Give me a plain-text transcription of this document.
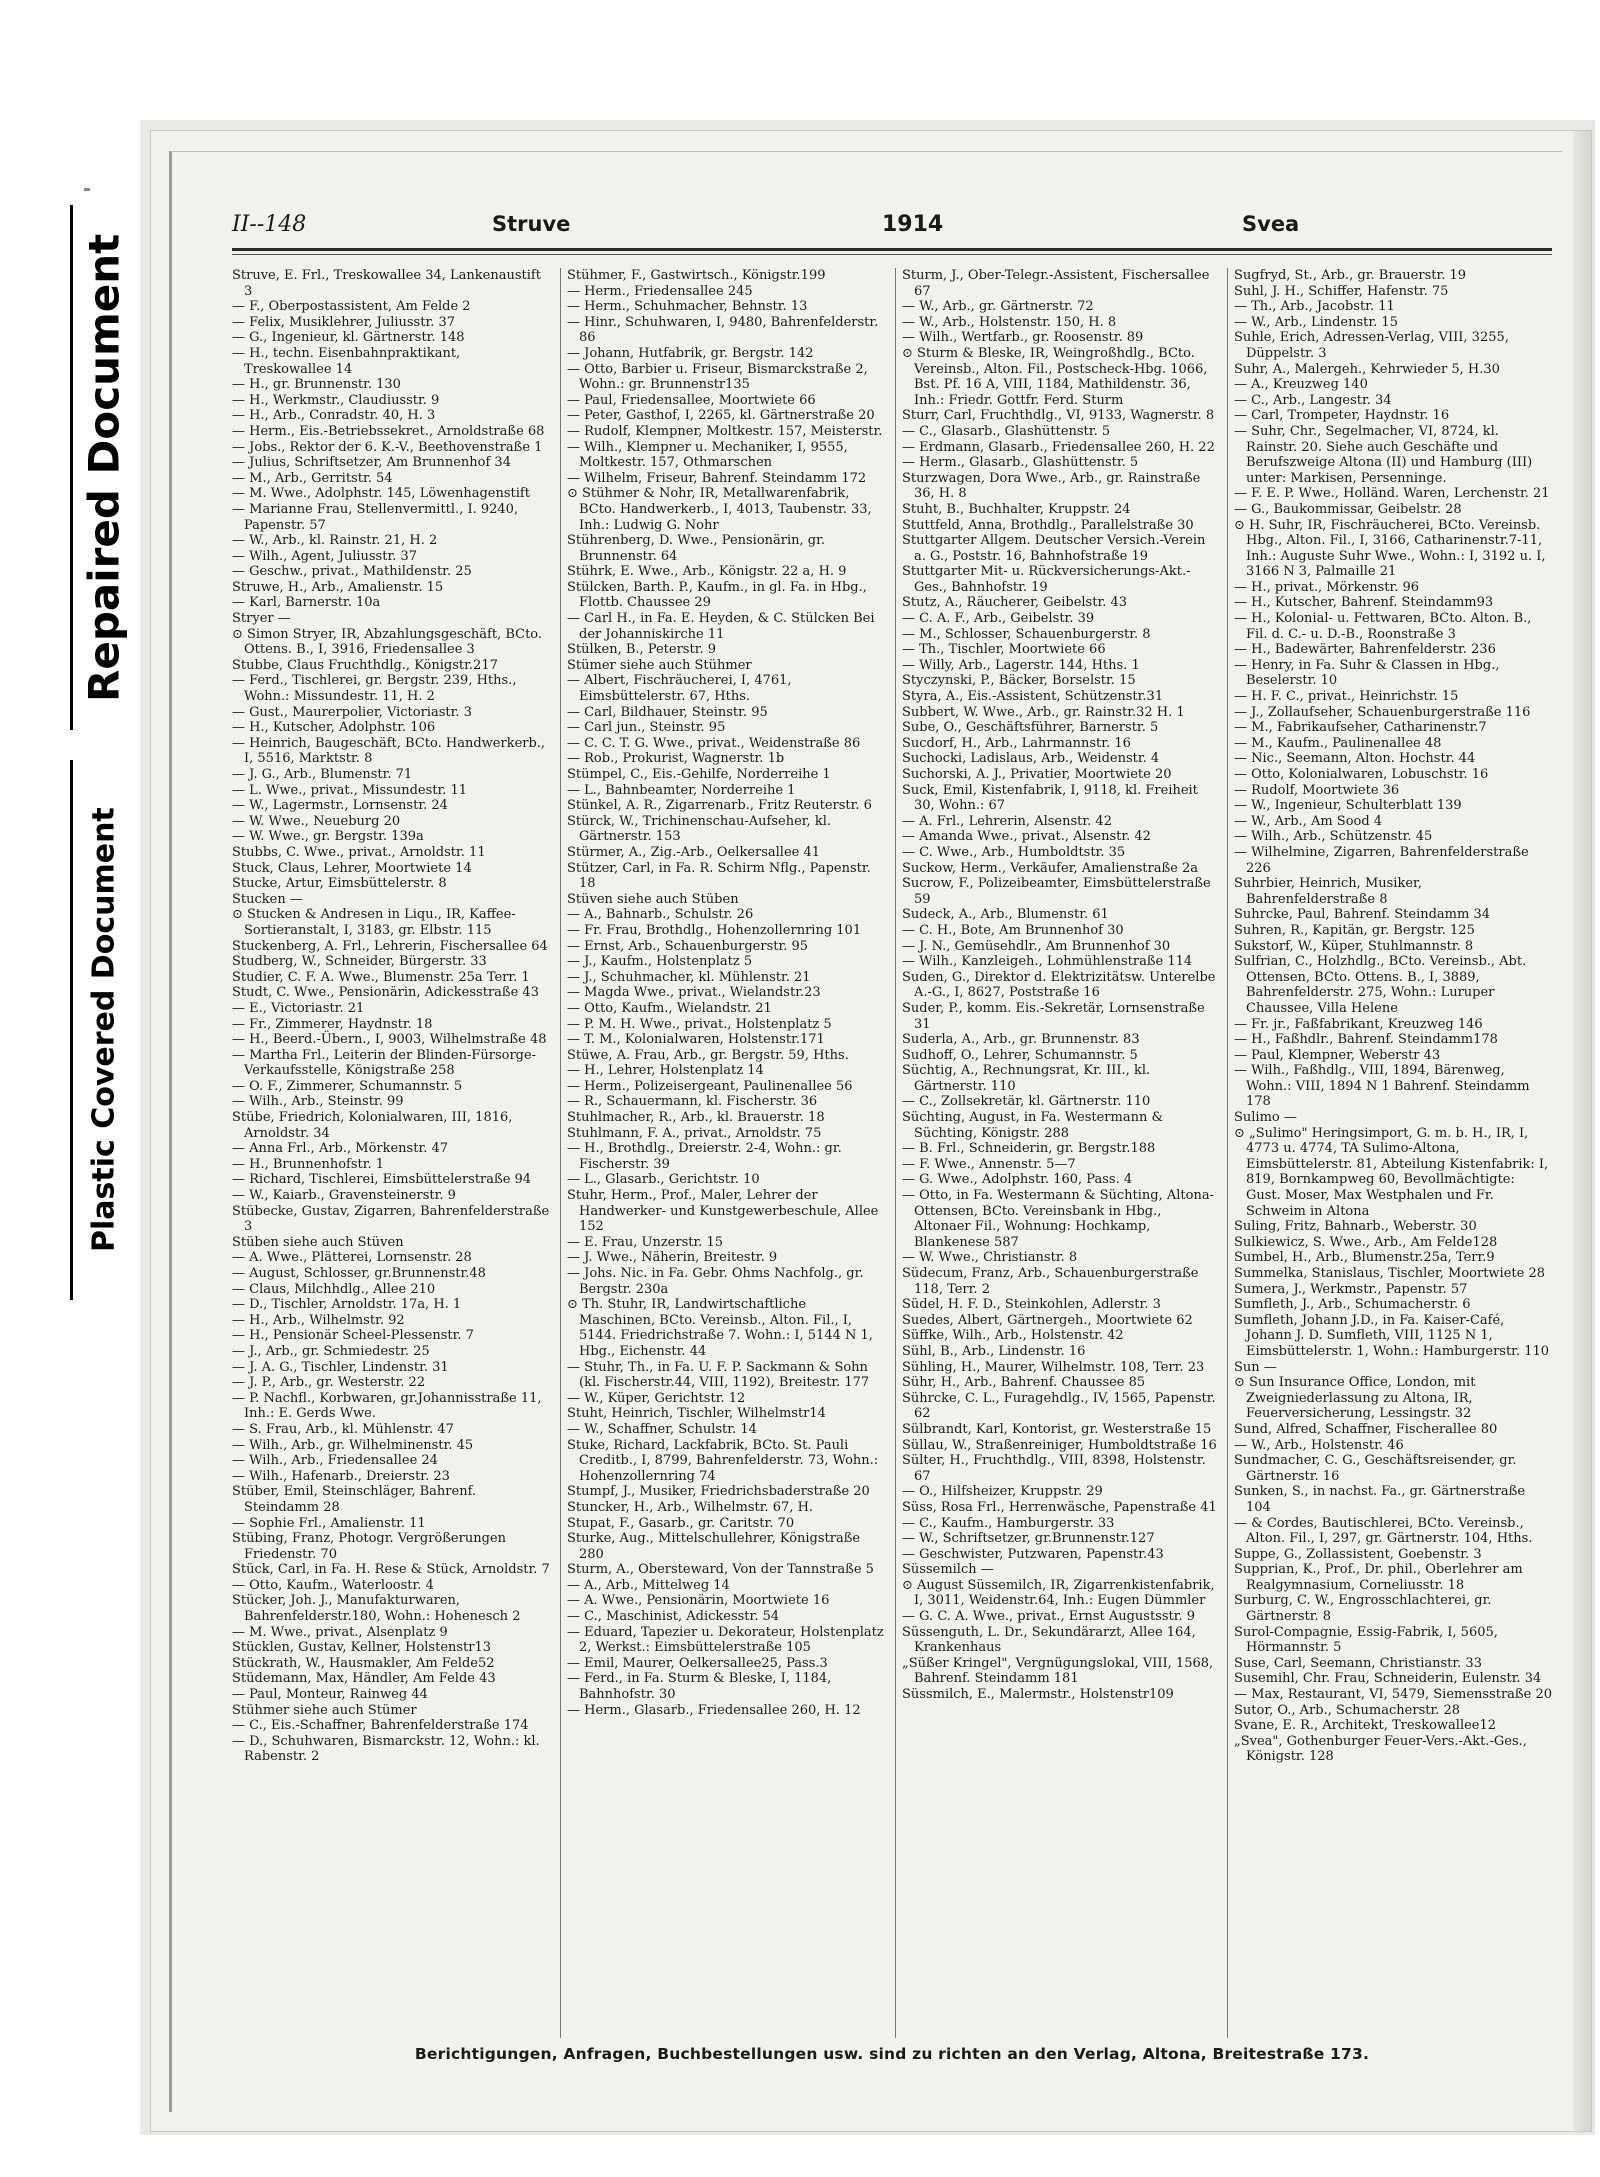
Repaired Document
Plastic Covered Document
II--148	Struve	1914	Svea
Struve, E. Frl., Treskowallee 34, Lankenaustift 3
— F., Oberpostassistent, Am Felde 2
— Felix, Musiklehrer, Juliusstr. 37
— G., Ingenieur, kl. Gärtnerstr. 148
— H., techn. Eisenbahnpraktikant, Treskowallee 14
— H., gr. Brunnenstr. 130
— H., Werkmstr., Claudiusstr. 9
— H., Arb., Conradstr. 40, H. 3
— Herm., Eis.-Betriebssekret., Arnoldstraße 68
— Jobs., Rektor der 6. K.-V., Beethovenstraße 1
— Julius, Schriftsetzer, Am Brunnenhof 34
— M., Arb., Gerritstr. 54
— M. Wwe., Adolphstr. 145, Löwenhagenstift
— Marianne Frau, Stellenvermittl., I. 9240, Papenstr. 57
— W., Arb., kl. Rainstr. 21, H. 2
— Wilh., Agent, Juliusstr. 37
— Geschw., privat., Mathildenstr. 25
Struwe, H., Arb., Amalienstr. 15
— Karl, Barnerstr. 10a
Stryer —
⊙ Simon Stryer, IR, Abzahlungsgeschäft, BCto. Ottens. B., I, 3916, Friedensallee 3
Stubbe, Claus Fruchthdlg., Königstr.217
— Ferd., Tischlerei, gr. Bergstr. 239, Hths., Wohn.: Missundestr. 11, H. 2
— Gust., Maurerpolier, Victoriastr. 3
— H., Kutscher, Adolphstr. 106
— Heinrich, Baugeschäft, BCto. Handwerkerb., I, 5516, Marktstr. 8
— J. G., Arb., Blumenstr. 71
— L. Wwe., privat., Missundestr. 11
— W., Lagermstr., Lornsenstr. 24
— W. Wwe., Neueburg 20
— W. Wwe., gr. Bergstr. 139a
Stubbs, C. Wwe., privat., Arnoldstr. 11
Stuck, Claus, Lehrer, Moortwiete 14
Stucke, Artur, Eimsbüttelerstr. 8
Stucken —
⊙ Stucken & Andresen in Liqu., IR, Kaffee-Sortieranstalt, I, 3183, gr. Elbstr. 115
Stuckenberg, A. Frl., Lehrerin, Fischersallee 64
Studberg, W., Schneider, Bürgerstr. 33
Studier, C. F. A. Wwe., Blumenstr. 25a Terr. 1
Studt, C. Wwe., Pensionärin, Adickesstraße 43
— E., Victoriastr. 21
— Fr., Zimmerer, Haydnstr. 18
— H., Beerd.-Übern., I, 9003, Wilhelmstraße 48
— Martha Frl., Leiterin der Blinden-Fürsorge-Verkaufsstelle, Königstraße 258
— O. F., Zimmerer, Schumannstr. 5
— Wilh., Arb., Steinstr. 99
Stübe, Friedrich, Kolonialwaren, III, 1816, Arnoldstr. 34
— Anna Frl., Arb., Mörkenstr. 47
— H., Brunnenhofstr. 1
— Richard, Tischlerei, Eimsbüttelerstraße 94
— W., Kaiarb., Gravensteinerstr. 9
Stübecke, Gustav, Zigarren, Bahrenfelderstraße 3
Stüben siehe auch Stüven
— A. Wwe., Plätterei, Lornsenstr. 28
— August, Schlosser, gr.Brunnenstr.48
— Claus, Milchhdlg., Allee 210
— D., Tischler, Arnoldstr. 17a, H. 1
— H., Arb., Wilhelmstr. 92
— H., Pensionär Scheel-Plessenstr. 7
— J., Arb., gr. Schmiedestr. 25
— J. A. G., Tischler, Lindenstr. 31
— J. P., Arb., gr. Westerstr. 22
— P. Nachfl., Korbwaren, gr.Johannisstraße 11, Inh.: E. Gerds Wwe.
— S. Frau, Arb., kl. Mühlenstr. 47
— Wilh., Arb., gr. Wilhelminenstr. 45
— Wilh., Arb., Friedensallee 24
— Wilh., Hafenarb., Dreierstr. 23
Stüber, Emil, Steinschläger, Bahrenf. Steindamm 28
— Sophie Frl., Amalienstr. 11
Stübing, Franz, Photogr. Vergrößerungen Friedenstr. 70
Stück, Carl, in Fa. H. Rese & Stück, Arnoldstr. 7
— Otto, Kaufm., Waterloostr. 4
Stücker, Joh. J., Manufakturwaren, Bahrenfelderstr.180, Wohn.: Hohenesch 2
— M. Wwe., privat., Alsenplatz 9
Stücklen, Gustav, Kellner, Holstenstr13
Stückrath, W., Hausmakler, Am Felde52
Stüdemann, Max, Händler, Am Felde 43
— Paul, Monteur, Rainweg 44
Stühmer siehe auch Stümer
— C., Eis.-Schaffner, Bahrenfelderstraße 174
— D., Schuhwaren, Bismarckstr. 12, Wohn.: kl. Rabenstr. 2
Stühmer, F., Gastwirtsch., Königstr.199
— Herm., Friedensallee 245
— Herm., Schuhmacher, Behnstr. 13
— Hinr., Schuhwaren, I, 9480, Bahrenfelderstr. 86
— Johann, Hutfabrik, gr. Bergstr. 142
— Otto, Barbier u. Friseur, Bismarckstraße 2, Wohn.: gr. Brunnenstr135
— Paul, Friedensallee, Moortwiete 66
— Peter, Gasthof, I, 2265, kl. Gärtnerstraße 20
— Rudolf, Klempner, Moltkestr. 157, Meisterstr.
— Wilh., Klempner u. Mechaniker, I, 9555, Moltkestr. 157, Othmarschen
— Wilhelm, Friseur, Bahrenf. Steindamm 172
⊙ Stühmer & Nohr, IR, Metallwarenfabrik, BCto. Handwerkerb., I, 4013, Taubenstr. 33, Inh.: Ludwig G. Nohr
Stührenberg, D. Wwe., Pensionärin, gr. Brunnenstr. 64
Stührk, E. Wwe., Arb., Königstr. 22 a, H. 9
Stülcken, Barth. P., Kaufm., in gl. Fa. in Hbg., Flottb. Chaussee 29
— Carl H., in Fa. E. Heyden, & C. Stülcken Bei der Johanniskirche 11
Stülken, B., Peterstr. 9
Stümer siehe auch Stühmer
— Albert, Fischräucherei, I, 4761, Eimsbüttelerstr. 67, Hths.
— Carl, Bildhauer, Steinstr. 95
— Carl jun., Steinstr. 95
— C. C. T. G. Wwe., privat., Weidenstraße 86
— Rob., Prokurist, Wagnerstr. 1b
Stümpel, C., Eis.-Gehilfe, Norderreihe 1
— L., Bahnbeamter, Norderreihe 1
Stünkel, A. R., Zigarrenarb., Fritz Reuterstr. 6
Stürck, W., Trichinenschau-Aufseher, kl. Gärtnerstr. 153
Stürmer, A., Zig.-Arb., Oelkersallee 41
Stützer, Carl, in Fa. R. Schirm Nflg., Papenstr. 18
Stüven siehe auch Stüben
— A., Bahnarb., Schulstr. 26
— Fr. Frau, Brothdlg., Hohenzollernring 101
— Ernst, Arb., Schauenburgerstr. 95
— J., Kaufm., Holstenplatz 5
— J., Schuhmacher, kl. Mühlenstr. 21
— Magda Wwe., privat., Wielandstr.23
— Otto, Kaufm., Wielandstr. 21
— P. M. H. Wwe., privat., Holstenplatz 5
— T. M., Kolonialwaren, Holstenstr.171
Stüwe, A. Frau, Arb., gr. Bergstr. 59, Hths.
— H., Lehrer, Holstenplatz 14
— Herm., Polizeisergeant, Paulinenallee 56
— R., Schauermann, kl. Fischerstr. 36
Stuhlmacher, R., Arb., kl. Brauerstr. 18
Stuhlmann, F. A., privat., Arnoldstr. 75
— H., Brothdlg., Dreierstr. 2-4, Wohn.: gr. Fischerstr. 39
— L., Glasarb., Gerichtstr. 10
Stuhr, Herm., Prof., Maler, Lehrer der Handwerker- und Kunstgewerbeschule, Allee 152
— E. Frau, Unzerstr. 15
— J. Wwe., Näherin, Breitestr. 9
— Johs. Nic. in Fa. Gebr. Ohms Nachfolg., gr. Bergstr. 230a
⊙ Th. Stuhr, IR, Landwirtschaftliche Maschinen, BCto. Vereinsb., Alton. Fil., I, 5144. Friedrichstraße 7. Wohn.: I, 5144 N 1, Hbg., Eichenstr. 44
— Stuhr, Th., in Fa. U. F. P. Sackmann & Sohn (kl. Fischerstr.44, VIII, 1192), Breitestr. 177
— W., Küper, Gerichtstr. 12
Stuht, Heinrich, Tischler, Wilhelmstr14
— W., Schaffner, Schulstr. 14
Stuke, Richard, Lackfabrik, BCto. St. Pauli Creditb., I, 8799, Bahrenfelderstr. 73, Wohn.: Hohenzollernring 74
Stumpf, J., Musiker, Friedrichsbaderstraße 20
Stuncker, H., Arb., Wilhelmstr. 67, H.
Stupat, F., Gasarb., gr. Caritstr. 70
Sturke, Aug., Mittelschullehrer, Königstraße 280
Sturm, A., Obersteward, Von der Tannstraße 5
— A., Arb., Mittelweg 14
— A. Wwe., Pensionärin, Moortwiete 16
— C., Maschinist, Adickesstr. 54
— Eduard, Tapezier u. Dekorateur, Holstenplatz 2, Werkst.: Eimsbüttelerstraße 105
— Emil, Maurer, Oelkersallee25, Pass.3
— Ferd., in Fa. Sturm & Bleske, I, 1184, Bahnhofstr. 30
— Herm., Glasarb., Friedensallee 260, H. 12
Sturm, J., Ober-Telegr.-Assistent, Fischersallee 67
— W., Arb., gr. Gärtnerstr. 72
— W., Arb., Holstenstr. 150, H. 8
— Wilh., Wertfarb., gr. Roosenstr. 89
⊙ Sturm & Bleske, IR, Weingroßhdlg., BCto. Vereinsb., Alton. Fil., Postscheck-Hbg. 1066, Bst. Pf. 16 A, VIII, 1184, Mathildenstr. 36, Inh.: Friedr. Gottfr. Ferd. Sturm
Sturr, Carl, Fruchthdlg., VI, 9133, Wagnerstr. 8
— C., Glasarb., Glashüttenstr. 5
— Erdmann, Glasarb., Friedensallee 260, H. 22
— Herm., Glasarb., Glashüttenstr. 5
Sturzwagen, Dora Wwe., Arb., gr. Rainstraße 36, H. 8
Stuht, B., Buchhalter, Kruppstr. 24
Stuttfeld, Anna, Brothdlg., Parallelstraße 30
Stuttgarter Allgem. Deutscher Versich.-Verein a. G., Poststr. 16, Bahnhofstraße 19
Stuttgarter Mit- u. Rückversicherungs-Akt.-Ges., Bahnhofstr. 19
Stutz, A., Räucherer, Geibelstr. 43
— C. A. F., Arb., Geibelstr. 39
— M., Schlosser, Schauenburgerstr. 8
— Th., Tischler, Moortwiete 66
— Willy, Arb., Lagerstr. 144, Hths. 1
Styczynski, P., Bäcker, Borselstr. 15
Styra, A., Eis.-Assistent, Schützenstr.31
Subbert, W. Wwe., Arb., gr. Rainstr.32 H. 1
Sube, O., Geschäftsführer, Barnerstr. 5
Sucdorf, H., Arb., Lahrmannstr. 16
Suchocki, Ladislaus, Arb., Weidenstr. 4
Suchorski, A. J., Privatier, Moortwiete 20
Suck, Emil, Kistenfabrik, I, 9118, kl. Freiheit 30, Wohn.: 67
— A. Frl., Lehrerin, Alsenstr. 42
— Amanda Wwe., privat., Alsenstr. 42
— C. Wwe., Arb., Humboldtstr. 35
Suckow, Herm., Verkäufer, Amalienstraße 2a
Sucrow, F., Polizeibeamter, Eimsbüttelerstraße 59
Sudeck, A., Arb., Blumenstr. 61
— C. H., Bote, Am Brunnenhof 30
— J. N., Gemüsehdlr., Am Brunnenhof 30
— Wilh., Kanzleigeh., Lohmühlenstraße 114
Suden, G., Direktor d. Elektrizitätsw. Unterelbe A.-G., I, 8627, Poststraße 16
Suder, P., komm. Eis.-Sekretär, Lornsenstraße 31
Suderla, A., Arb., gr. Brunnenstr. 83
Sudhoff, O., Lehrer, Schumannstr. 5
Süchtig, A., Rechnungsrat, Kr. III., kl. Gärtnerstr. 110
— C., Zollsekretär, kl. Gärtnerstr. 110
Süchting, August, in Fa. Westermann & Süchting, Königstr. 288
— B. Frl., Schneiderin, gr. Bergstr.188
— F. Wwe., Annenstr. 5—7
— G. Wwe., Adolphstr. 160, Pass. 4
— Otto, in Fa. Westermann & Süchting, Altona-Ottensen, BCto. Vereinsbank in Hbg., Altonaer Fil., Wohnung: Hochkamp, Blankenese 587
— W. Wwe., Christianstr. 8
Südecum, Franz, Arb., Schauenburgerstraße 118, Terr. 2
Südel, H. F. D., Steinkohlen, Adlerstr. 3
Suedes, Albert, Gärtnergeh., Moortwiete 62
Süffke, Wilh., Arb., Holstenstr. 42
Sühl, B., Arb., Lindenstr. 16
Sühling, H., Maurer, Wilhelmstr. 108, Terr. 23
Sühr, H., Arb., Bahrenf. Chaussee 85
Sührcke, C. L., Furagehdlg., IV, 1565, Papenstr. 62
Sülbrandt, Karl, Kontorist, gr. Westerstraße 15
Süllau, W., Straßenreiniger, Humboldtstraße 16
Sülter, H., Fruchthdlg., VIII, 8398, Holstenstr. 67
— O., Hilfsheizer, Kruppstr. 29
Süss, Rosa Frl., Herrenwäsche, Papenstraße 41
— C., Kaufm., Hamburgerstr. 33
— W., Schriftsetzer, gr.Brunnenstr.127
— Geschwister, Putzwaren, Papenstr.43
Süssemilch —
⊙ August Süssemilch, IR, Zigarrenkistenfabrik, I, 3011, Weidenstr.64, Inh.: Eugen Dümmler
— G. C. A. Wwe., privat., Ernst Augustsstr. 9
Süssenguth, L. Dr., Sekundärarzt, Allee 164, Krankenhaus
„Süßer Kringel", Vergnügungslokal, VIII, 1568, Bahrenf. Steindamm 181
Süssmilch, E., Malermstr., Holstenstr109
Sugfryd, St., Arb., gr. Brauerstr. 19
Suhl, J. H., Schiffer, Hafenstr. 75
— Th., Arb., Jacobstr. 11
— W., Arb., Lindenstr. 15
Suhle, Erich, Adressen-Verlag, VIII, 3255, Düppelstr. 3
Suhr, A., Malergeh., Kehrwieder 5, H.30
— A., Kreuzweg 140
— C., Arb., Langestr. 34
— Carl, Trompeter, Haydnstr. 16
— Suhr, Chr., Segelmacher, VI, 8724, kl. Rainstr. 20. Siehe auch Geschäfte und Berufszweige Altona (II) und Hamburg (III) unter: Markisen, Persenninge.
— F. E. P. Wwe., Holländ. Waren, Lerchenstr. 21
— G., Baukommissar, Geibelstr. 28
⊙ H. Suhr, IR, Fischräucherei, BCto. Vereinsb. Hbg., Alton. Fil., I, 3166, Catharinenstr.7-11, Inh.: Auguste Suhr Wwe., Wohn.: I, 3192 u. I, 3166 N 3, Palmaille 21
— H., privat., Mörkenstr. 96
— H., Kutscher, Bahrenf. Steindamm93
— H., Kolonial- u. Fettwaren, BCto. Alton. B., Fil. d. C.- u. D.-B., Roonstraße 3
— H., Badewärter, Bahrenfelderstr. 236
— Henry, in Fa. Suhr & Classen in Hbg., Beselerstr. 10
— H. F. C., privat., Heinrichstr. 15
— J., Zollaufseher, Schauenburgerstraße 116
— M., Fabrikaufseher, Catharinenstr.7
— M., Kaufm., Paulinenallee 48
— Nic., Seemann, Alton. Hochstr. 44
— Otto, Kolonialwaren, Lobuschstr. 16
— Rudolf, Moortwiete 36
— W., Ingenieur, Schulterblatt 139
— W., Arb., Am Sood 4
— Wilh., Arb., Schützenstr. 45
— Wilhelmine, Zigarren, Bahrenfelderstraße 226
Suhrbier, Heinrich, Musiker, Bahrenfelderstraße 8
Suhrcke, Paul, Bahrenf. Steindamm 34
Suhren, R., Kapitän, gr. Bergstr. 125
Sukstorf, W., Küper, Stuhlmannstr. 8
Sulfrian, C., Holzhdlg., BCto. Vereinsb., Abt. Ottensen, BCto. Ottens. B., I, 3889, Bahrenfelderstr. 275, Wohn.: Luruper Chaussee, Villa Helene
— Fr. jr., Faßfabrikant, Kreuzweg 146
— H., Faßhdlr., Bahrenf. Steindamm178
— Paul, Klempner, Weberstr 43
— Wilh., Faßhdlg., VIII, 1894, Bärenweg, Wohn.: VIII, 1894 N 1 Bahrenf. Steindamm 178
Sulimo —
⊙ „Sulimo" Heringsimport, G. m. b. H., IR, I, 4773 u. 4774, TA Sulimo-Altona, Eimsbüttelerstr. 81, Abteilung Kistenfabrik: I, 819, Bornkampweg 60, Bevollmächtigte: Gust. Moser, Max Westphalen und Fr. Schweim in Altona
Suling, Fritz, Bahnarb., Weberstr. 30
Sulkiewicz, S. Wwe., Arb., Am Felde128
Sumbel, H., Arb., Blumenstr.25a, Terr.9
Summelka, Stanislaus, Tischler, Moortwiete 28
Sumera, J., Werkmstr., Papenstr. 57
Sumfleth, J., Arb., Schumacherstr. 6
Sumfleth, Johann J.D., in Fa. Kaiser-Café, Johann J. D. Sumfleth, VIII, 1125 N 1, Eimsbüttelerstr. 1, Wohn.: Hamburgerstr. 110
Sun —
⊙ Sun Insurance Office, London, mit Zweigniederlassung zu Altona, IR, Feuerversicherung, Lessingstr. 32
Sund, Alfred, Schaffner, Fischerallee 80
— W., Arb., Holstenstr. 46
Sundmacher, C. G., Geschäftsreisender, gr. Gärtnerstr. 16
Sunken, S., in nachst. Fa., gr. Gärtnerstraße 104
— & Cordes, Bautischlerei, BCto. Vereinsb., Alton. Fil., I, 297, gr. Gärtnerstr. 104, Hths.
Suppe, G., Zollassistent, Goebenstr. 3
Supprian, K., Prof., Dr. phil., Oberlehrer am Realgymnasium, Corneliusstr. 18
Surburg, C. W., Engrosschlachterei, gr. Gärtnerstr. 8
Surol-Compagnie, Essig-Fabrik, I, 5605, Hörmannstr. 5
Suse, Carl, Seemann, Christianstr. 33
Susemihl, Chr. Frau, Schneiderin, Eulenstr. 34
— Max, Restaurant, VI, 5479, Siemensstraße 20
Sutor, O., Arb., Schumacherstr. 28
Svane, E. R., Architekt, Treskowallee12
„Svea", Gothenburger Feuer-Vers.-Akt.-Ges., Königstr. 128
Berichtigungen, Anfragen, Buchbestellungen usw. sind zu richten an den Verlag, Altona, Breitestraße 173.
